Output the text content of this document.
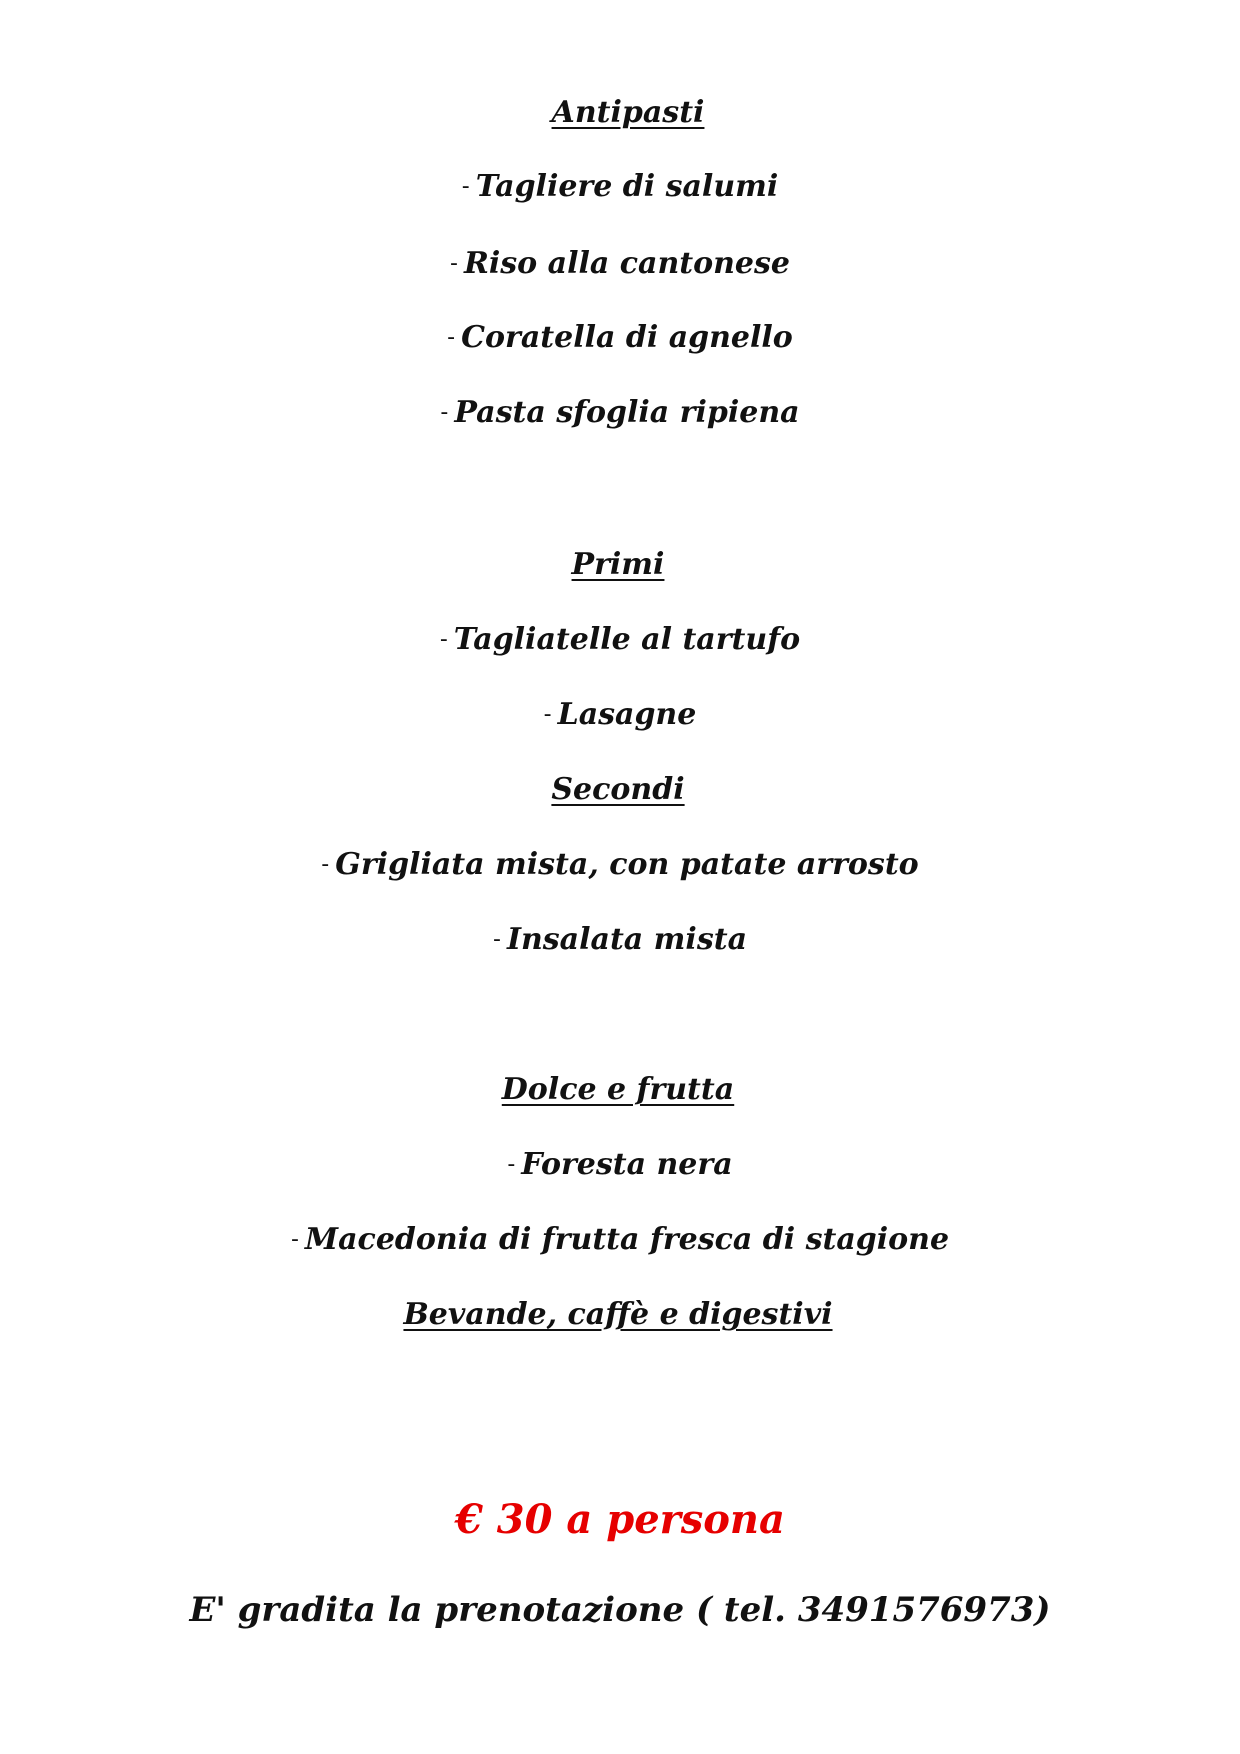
Antipasti
- Tagliere di salumi
- Riso alla cantonese
- Coratella di agnello
- Pasta sfoglia ripiena
Primi
- Tagliatelle al tartufo
- Lasagne
Secondi
- Grigliata mista, con patate arrosto
- Insalata mista
Dolce e frutta
- Foresta nera
- Macedonia di frutta fresca di stagione
Bevande, caffè e digestivi
€ 30 a persona
E' gradita la prenotazione ( tel. 3491576973)
